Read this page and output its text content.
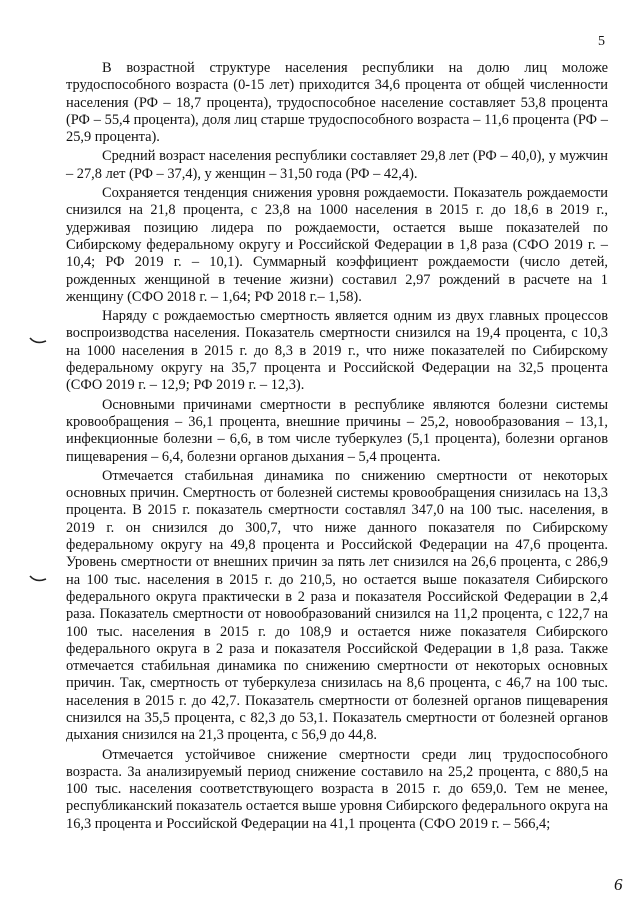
5

В возрастной структуре населения республики на долю лиц моложе трудоспособного возраста (0-15 лет) приходится 34,6 процента от общей численности населения (РФ – 18,7 процента), трудоспособное население составляет 53,8 процента (РФ – 55,4 процента), доля лиц старше трудоспособного возраста – 11,6 процента (РФ – 25,9 процента).

Средний возраст населения республики составляет 29,8 лет (РФ – 40,0), у мужчин – 27,8 лет (РФ – 37,4), у женщин – 31,50 года (РФ – 42,4).

Сохраняется тенденция снижения уровня рождаемости. Показатель рождаемости снизился на 21,8 процента, с 23,8 на 1000 населения в 2015 г. до 18,6 в 2019 г., удерживая позицию лидера по рождаемости, остается выше показателей по Сибирскому федеральному округу и Российской Федерации в 1,8 раза (СФО 2019 г. – 10,4; РФ 2019 г. – 10,1). Суммарный коэффициент рождаемости (число детей, рожденных женщиной в течение жизни) составил 2,97 рождений в расчете на 1 женщину (СФО 2018 г. – 1,64; РФ 2018 г.– 1,58).

Наряду с рождаемостью смертность является одним из двух главных процессов воспроизводства населения. Показатель смертности снизился на 19,4 процента, с 10,3 на 1000 населения в 2015 г. до 8,3 в 2019 г., что ниже показателей по Сибирскому федеральному округу на 35,7 процента и Российской Федерации на 32,5 процента (СФО 2019 г. – 12,9; РФ 2019 г. – 12,3).

Основными причинами смертности в республике являются болезни системы кровообращения – 36,1 процента, внешние причины – 25,2, новообразования – 13,1, инфекционные болезни – 6,6, в том числе туберкулез (5,1 процента), болезни органов пищеварения – 6,4, болезни органов дыхания – 5,4 процента.

Отмечается стабильная динамика по снижению смертности от некоторых основных причин. Смертность от болезней системы кровообращения снизилась на 13,3 процента. В 2015 г. показатель смертности составлял 347,0 на 100 тыс. населения, в 2019 г. он снизился до 300,7, что ниже данного показателя по Сибирскому федеральному округу на 49,8 процента и Российской Федерации на 47,6 процента. Уровень смертности от внешних причин за пять лет снизился на 26,6 процента, с 286,9 на 100 тыс. населения в 2015 г. до 210,5, но остается выше показателя Сибирского федерального округа практически в 2 раза и показателя Российской Федерации в 2,4 раза. Показатель смертности от новообразований снизился на 11,2 процента, с 122,7 на 100 тыс. населения в 2015 г. до 108,9 и остается ниже показателя Сибирского федерального округа в 2 раза и показателя Российской Федерации в 1,8 раза. Также отмечается стабильная динамика по снижению смертности от некоторых основных причин. Так, смертность от туберкулеза снизилась на 8,6 процента, с 46,7 на 100 тыс. населения в 2015 г. до 42,7. Показатель смертности от болезней органов пищеварения снизился на 35,5 процента, с 82,3 до 53,1. Показатель смертности от болезней органов дыхания снизился на 21,3 процента, с 56,9 до 44,8.

Отмечается устойчивое снижение смертности среди лиц трудоспособного возраста. За анализируемый период снижение составило на 25,2 процента, с 880,5 на 100 тыс. населения соответствующего возраста в 2015 г. до 659,0. Тем не менее, республиканский показатель остается выше уровня Сибирского федерального округа на 16,3 процента и Российской Федерации на 41,1 процента (СФО 2019 г. – 566,4;

6
